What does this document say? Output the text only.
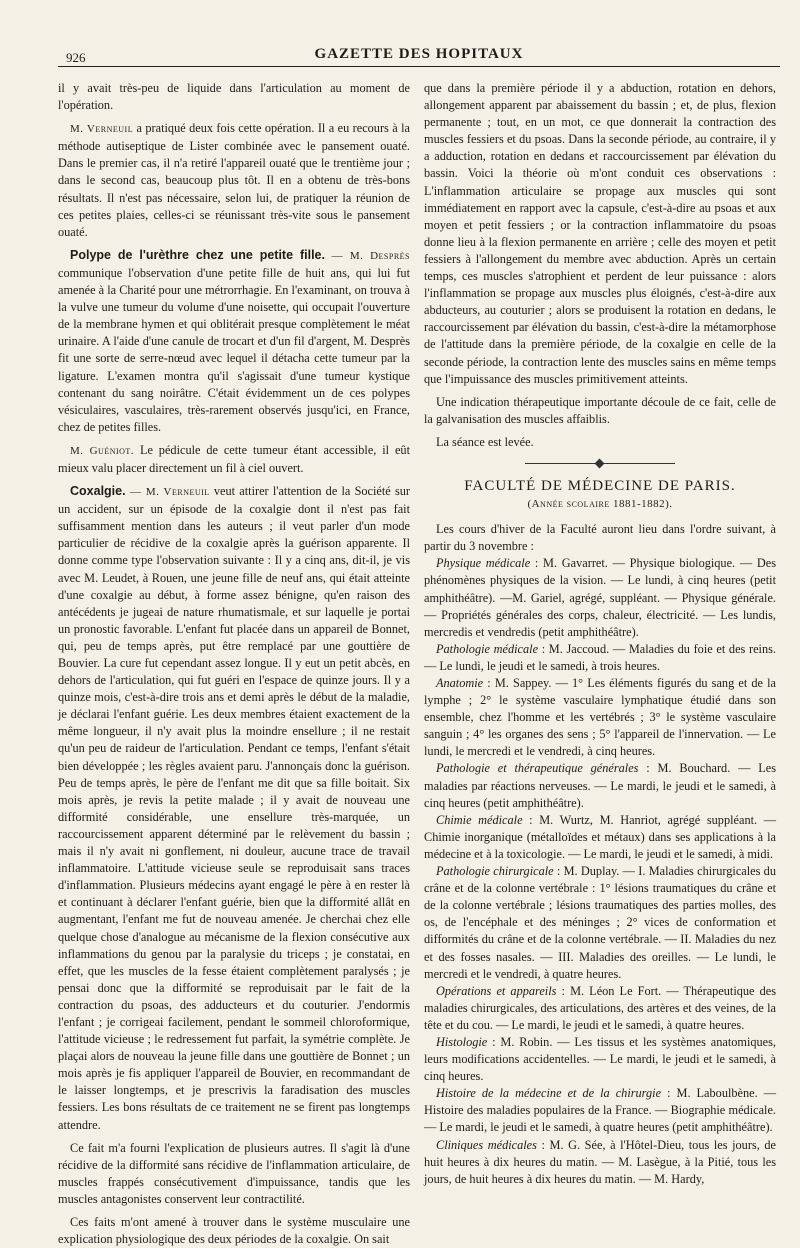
926	GAZETTE DES HOPITAUX

il y avait très-peu de liquide dans l'articulation au moment de l'opération.

M. Verneuil a pratiqué deux fois cette opération. Il a eu recours à la méthode autiseptique de Lister combinée avec le pansement ouaté. Dans le premier cas, il n'a retiré l'appareil ouaté que le trentième jour ; dans le second cas, beaucoup plus tôt. Il en a obtenu de très-bons résultats. Il n'est pas nécessaire, selon lui, de pratiquer la réunion de ces petites plaies, celles-ci se réunissant très-vite sous le pansement ouaté.

Polype de l'urèthre chez une petite fille. — M. Desprès communique l'observation d'une petite fille de huit ans, qui lui fut amenée à la Charité pour une métrorrhagie. En l'examinant, on trouva à la vulve une tumeur du volume d'une noisette, qui occupait l'ouverture de la membrane hymen et qui oblitérait presque complètement le méat urinaire. A l'aide d'une canule de trocart et d'un fil d'argent, M. Desprès fit une sorte de serre-nœud avec lequel il détacha cette tumeur par la ligature. L'examen montra qu'il s'agissait d'une tumeur kystique contenant du sang noirâtre. C'était évidemment un de ces polypes vésiculaires, vasculaires, très-rarement observés jusqu'ici, en France, chez de petites filles.

M. Guéniot. Le pédicule de cette tumeur étant accessible, il eût mieux valu placer directement un fil à ciel ouvert.

Coxalgie. — M. Verneuil veut attirer l'attention de la Société sur un accident, sur un épisode de la coxalgie dont il n'est pas fait suffisamment mention dans les auteurs ; il veut parler d'un mode particulier de récidive de la coxalgie après la guérison apparente. Il donne comme type l'observation suivante : Il y a cinq ans, dit-il, je vis avec M. Leudet, à Rouen, une jeune fille de neuf ans, qui était atteinte d'une coxalgie au début, à forme assez bénigne, qu'en raison des antécédents je jugeai de nature rhumatismale, et sur laquelle je portai un pronostic favorable. L'enfant fut placée dans un appareil de Bonnet, qui, peu de temps après, put être remplacé par une gouttière de Bouvier. La cure fut cependant assez longue. Il y eut un petit abcès, en dehors de l'articulation, qui fut guéri en l'espace de quinze jours. Il y a quinze mois, c'est-à-dire trois ans et demi après le début de la maladie, je déclarai l'enfant guérie. Les deux membres étaient exactement de la même longueur, il n'y avait plus la moindre ensellure ; il ne restait qu'un peu de raideur de l'articulation. Pendant ce temps, l'enfant s'était bien développée ; les règles avaient paru. J'annonçais donc la guérison. Peu de temps après, le père de l'enfant me dit que sa fille boitait. Six mois après, je revis la petite malade ; il y avait de nouveau une difformité considérable, une ensellure très-marquée, un raccourcissement apparent déterminé par le relèvement du bassin ; mais il n'y avait ni gonflement, ni douleur, aucune trace de travail inflammatoire. L'attitude vicieuse seule se reproduisait sans traces d'inflammation. Plusieurs médecins ayant engagé le père à en rester là et continuant à déclarer l'enfant guérie, bien que la difformité allât en augmentant, l'enfant me fut de nouveau amenée. Je cherchai chez elle quelque chose d'analogue au mécanisme de la flexion consécutive aux inflammations du genou par la paralysie du triceps ; je constatai, en effet, que les muscles de la fesse étaient complètement paralysés ; je pensai donc que la difformité se reproduisait par le fait de la contraction du psoas, des adducteurs et du couturier. J'endormis l'enfant ; je corrigeai facilement, pendant le sommeil chloroformique, l'attitude vicieuse ; le redressement fut parfait, la symétrie complète. Je plaçai alors de nouveau la jeune fille dans une gouttière de Bonnet ; un mois après je fis appliquer l'appareil de Bouvier, en recommandant de le laisser longtemps, et je prescrivis la faradisation des muscles fessiers. Les bons résultats de ce traitement ne se firent pas longtemps attendre.

Ce fait m'a fourni l'explication de plusieurs autres. Il s'agit là d'une récidive de la difformité sans récidive de l'inflammation articulaire, de muscles frappés consécutivement d'impuissance, tandis que les muscles antagonistes conservent leur contractilité.

Ces faits m'ont amené à trouver dans le système musculaire une explication physiologique des deux périodes de la coxalgie. On sait

que dans la première période il y a abduction, rotation en dehors, allongement apparent par abaissement du bassin ; et, de plus, flexion permanente ; tout, en un mot, ce que donnerait la contraction des muscles fessiers et du psoas. Dans la seconde période, au contraire, il y a adduction, rotation en dedans et raccourcissement par élévation du bassin. Voici la théorie où m'ont conduit ces observations : L'inflammation articulaire se propage aux muscles qui sont immédiatement en rapport avec la capsule, c'est-à-dire au psoas et aux moyen et petit fessiers ; or la contraction inflammatoire du psoas donne lieu à la flexion permanente en arrière ; celle des moyen et petit fessiers à l'allongement du membre avec abduction. Après un certain temps, ces muscles s'atrophient et perdent de leur puissance : alors l'inflammation se propage aux muscles plus éloignés, c'est-à-dire aux abducteurs, au couturier ; alors se produisent la rotation en dedans, le raccourcissement par élévation du bassin, c'est-à-dire la métamorphose de l'attitude dans la première période, de la coxalgie en celle de la seconde période, la contraction lente des muscles sains en même temps que l'impuissance des muscles primitivement atteints.

Une indication thérapeutique importante découle de ce fait, celle de la galvanisation des muscles affaiblis.

La séance est levée.

FACULTÉ DE MÉDECINE DE PARIS.

(Année scolaire 1881-1882).

Les cours d'hiver de la Faculté auront lieu dans l'ordre suivant, à partir du 3 novembre :

Physique médicale : M. Gavarret. — Physique biologique. — Des phénomènes physiques de la vision. — Le lundi, à cinq heures (petit amphithéâtre). —M. Gariel, agrégé, suppléant. — Physique générale. — Propriétés générales des corps, chaleur, électricité. — Les lundis, mercredis et vendredis (petit amphithéâtre).

Pathologie médicale : M. Jaccoud. — Maladies du foie et des reins. — Le lundi, le jeudi et le samedi, à trois heures.

Anatomie : M. Sappey. — 1° Les éléments figurés du sang et de la lymphe ; 2° le système vasculaire lymphatique étudié dans son ensemble, chez l'homme et les vertébrés ; 3° le système vasculaire sanguin ; 4° les organes des sens ; 5° l'appareil de l'innervation. — Le lundi, le mercredi et le vendredi, à cinq heures.

Pathologie et thérapeutique générales : M. Bouchard. — Les maladies par réactions nerveuses. — Le mardi, le jeudi et le samedi, à cinq heures (petit amphithéâtre).

Chimie médicale : M. Wurtz, M. Hanriot, agrégé suppléant. — Chimie inorganique (métalloïdes et métaux) dans ses applications à la médecine et à la toxicologie. — Le mardi, le jeudi et le samedi, à midi.

Pathologie chirurgicale : M. Duplay. — I. Maladies chirurgicales du crâne et de la colonne vertébrale : 1° lésions traumatiques du crâne et de la colonne vertébrale ; lésions traumatiques des parties molles, des os, de l'encéphale et des méninges ; 2° vices de conformation et difformités du crâne et de la colonne vertébrale. — II. Maladies du nez et des fosses nasales. — III. Maladies des oreilles. — Le lundi, le mercredi et le vendredi, à quatre heures.

Opérations et appareils : M. Léon Le Fort. — Thérapeutique des maladies chirurgicales, des articulations, des artères et des veines, de la tête et du cou. — Le mardi, le jeudi et le samedi, à quatre heures.

Histologie : M. Robin. — Les tissus et les systèmes anatomiques, leurs modifications accidentelles. — Le mardi, le jeudi et le samedi, à cinq heures.

Histoire de la médecine et de la chirurgie : M. Laboulbène. — Histoire des maladies populaires de la France. — Biographie médicale. — Le mardi, le jeudi et le samedi, à quatre heures (petit amphithéâtre).

Cliniques médicales : M. G. Sée, à l'Hôtel-Dieu, tous les jours, de huit heures à dix heures du matin. — M. Lasègue, à la Pitié, tous les jours, de huit heures à dix heures du matin. — M. Hardy,
